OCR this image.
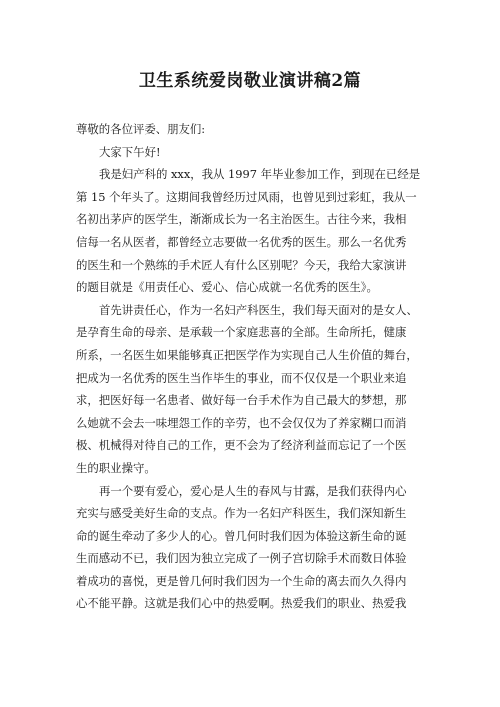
卫生系统爱岗敬业演讲稿2篇
尊敬的各位评委、朋友们:
大家下午好!
我是妇产科的 xxx，我从 1997 年毕业参加工作，到现在已经是
第 15 个年头了。这期间我曾经历过风雨，也曾见到过彩虹，我从一
名初出茅庐的医学生，渐渐成长为一名主治医生。古往今来，我相
信每一名从医者，都曾经立志要做一名优秀的医生。那么一名优秀
的医生和一个熟练的手术匠人有什么区别呢？今天，我给大家演讲
的题目就是《用责任心、爱心、信心成就一名优秀的医生》。
首先讲责任心，作为一名妇产科医生，我们每天面对的是女人、
是孕育生命的母亲、是承载一个家庭悲喜的全部。生命所托，健康
所系，一名医生如果能够真正把医学作为实现自己人生价值的舞台，
把成为一名优秀的医生当作毕生的事业，而不仅仅是一个职业来追
求，把医好每一名患者、做好每一台手术作为自己最大的梦想，那
么她就不会去一味埋怨工作的辛劳，也不会仅仅为了养家糊口而消
极、机械得对待自己的工作，更不会为了经济利益而忘记了一个医
生的职业操守。
再一个要有爱心，爱心是人生的春风与甘露，是我们获得内心
充实与感受美好生命的支点。作为一名妇产科医生，我们深知新生
命的诞生牵动了多少人的心。曾几何时我们因为体验这新生命的诞
生而感动不已，我们因为独立完成了一例子宫切除手术而数日体验
着成功的喜悦，更是曾几何时我们因为一个生命的离去而久久得内
心不能平静。这就是我们心中的热爱啊。热爱我们的职业、热爱我
